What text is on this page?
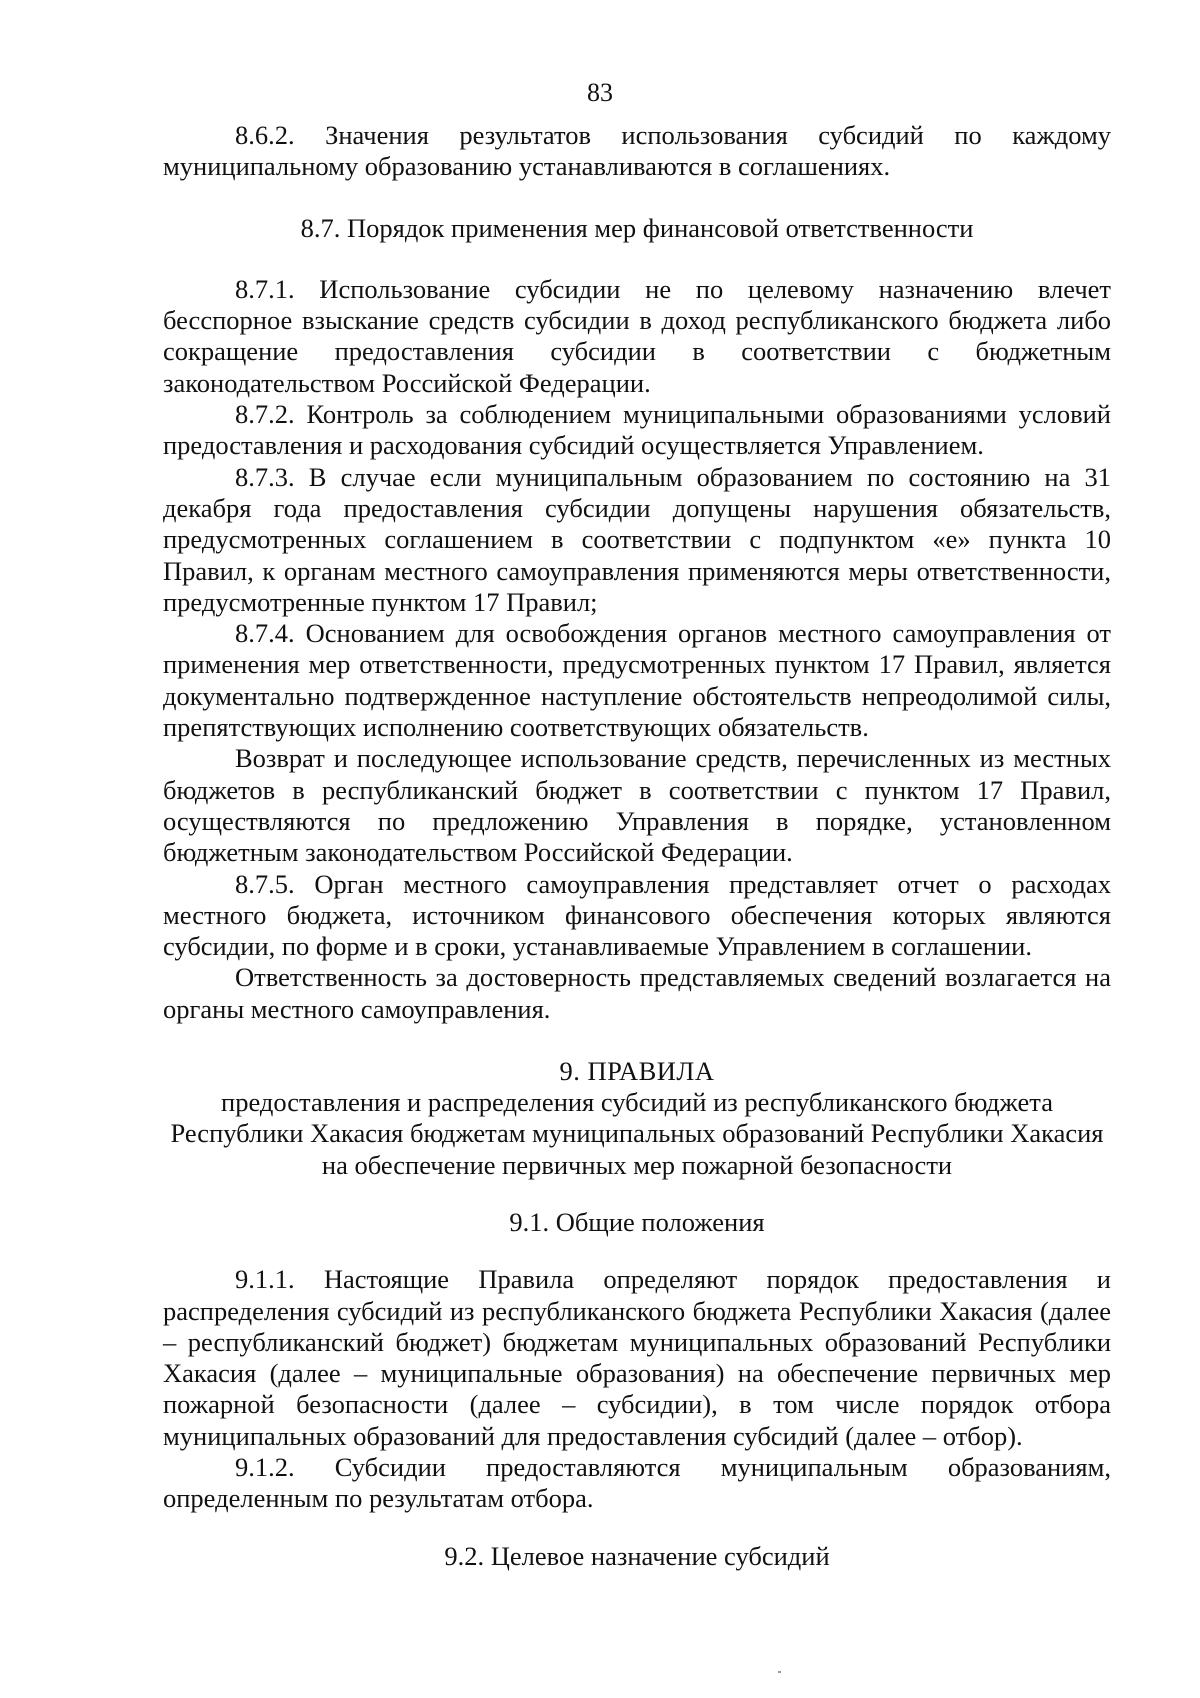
83

8.6.2. Значения результатов использования субсидий по каждому муниципальному образованию устанавливаются в соглашениях.

8.7. Порядок применения мер финансовой ответственности

8.7.1. Использование субсидии не по целевому назначению влечет бесспорное взыскание средств субсидии в доход республиканского бюджета либо сокращение предоставления субсидии в соответствии с бюджетным законодательством Российской Федерации.

8.7.2. Контроль за соблюдением муниципальными образованиями условий предоставления и расходования субсидий осуществляется Управлением.

8.7.3. В случае если муниципальным образованием по состоянию на 31 декабря года предоставления субсидии допущены нарушения обязательств, предусмотренных соглашением в соответствии с подпунктом «е» пункта 10 Правил, к органам местного самоуправления применяются меры ответственности, предусмотренные пунктом 17 Правил;

8.7.4. Основанием для освобождения органов местного самоуправления от применения мер ответственности, предусмотренных пунктом 17 Правил, является документально подтвержденное наступление обстоятельств непреодолимой силы, препятствующих исполнению соответствующих обязательств.

Возврат и последующее использование средств, перечисленных из местных бюджетов в республиканский бюджет в соответствии с пунктом 17 Правил, осуществляются по предложению Управления в порядке, установленном бюджетным законодательством Российской Федерации.

8.7.5. Орган местного самоуправления представляет отчет о расходах местного бюджета, источником финансового обеспечения которых являются субсидии, по форме и в сроки, устанавливаемые Управлением в соглашении.

Ответственность за достоверность представляемых сведений возлагается на органы местного самоуправления.

9. ПРАВИЛА

предоставления и распределения субсидий из республиканского бюджета

Республики Хакасия бюджетам муниципальных образований Республики Хакасия

на обеспечение первичных мер пожарной безопасности

9.1. Общие положения

9.1.1. Настоящие Правила определяют порядок предоставления и распределения субсидий из республиканского бюджета Республики Хакасия (далее – республиканский бюджет) бюджетам муниципальных образований Республики Хакасия (далее – муниципальные образования) на обеспечение первичных мер пожарной безопасности (далее – субсидии), в том числе порядок отбора муниципальных образований для предоставления субсидий (далее – отбор).

9.1.2. Субсидии предоставляются муниципальным образованиям, определенным по результатам отбора.

9.2. Целевое назначение субсидий
